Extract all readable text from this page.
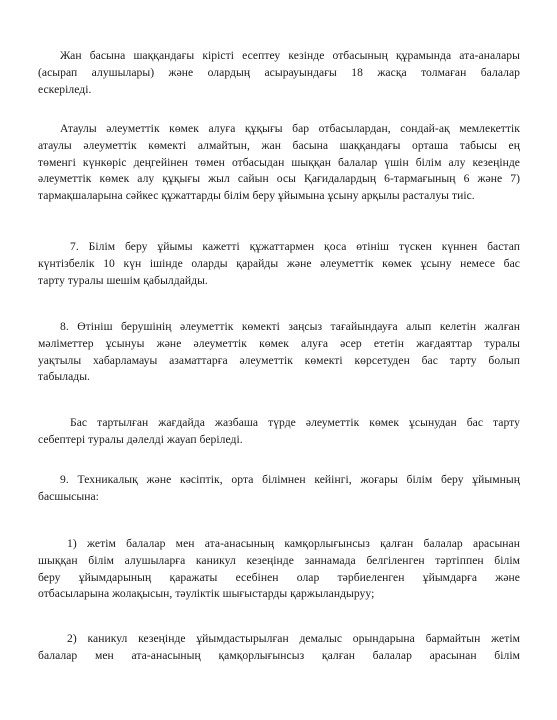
Жан басына шаққандағы кірісті есептеу кезінде отбасының құрамында ата-аналары
(асырап алушылары) және олардың асырауындағы 18 жасқа толмаған балалар
ескеріледі.

Атаулы әлеуметтік көмек алуға құқығы бар отбасылардан, сондай-ақ мемлекеттік
атаулы әлеуметтік көмекті алмайтын, жан басына шаққандағы орташа табысы ең
төменгі күнкөріс деңгейінен төмен отбасыдан шыққан балалар үшін білім алу кезеңінде
әлеуметтік көмек алу құқығы жыл сайын осы Қағидалардың 6-тармағының 6 және 7)
тармақшаларына сәйкес құжаттарды білім беру ұйымына ұсыну арқылы расталуы тиіс.

7. Білім беру ұйымы кажетті құжаттармен қоса өтініш түскен күннен бастап
күнтізбелік 10 күн ішінде оларды қарайды және әлеуметтік көмек ұсыну немесе бас
тарту туралы шешім қабылдайды.

8. Өтініш берушінің әлеуметтік көмекті заңсыз тағайындауға алып келетін жалған
мәліметтер ұсынуы және әлеуметтік көмек алуға әсер ететін жағдаяттар туралы
уақтылы хабарламауы азаматтарға әлеуметтік көмекті көрсетуден бас тарту болып
табылады.

Бас тартылған жағдайда жазбаша түрде әлеуметтік көмек ұсынудан бас тарту
себептері туралы дәлелді жауап беріледі.

9. Техникалық және кәсіптік, орта білімнен кейінгі, жоғары білім беру ұйымның
басшысына:

1) жетім балалар мен ата-анасының камқорлығынсыз қалған балалар арасынан
шыққан білім алушыларға каникул кезеңінде заннамада белгіленген тәртіппен білім
беру ұйымдарының қаражаты есебінен олар тәрбиеленген ұйымдарға және
отбасыларына жолақысын, тәуліктік шығыстарды қаржыландыруу;

2) каникул кезеңінде ұйымдастырылған демалыс орындарына бармайтын жетім
балалар мен ата-анасының қамқорлығынсыз қалған балалар арасынан білім
